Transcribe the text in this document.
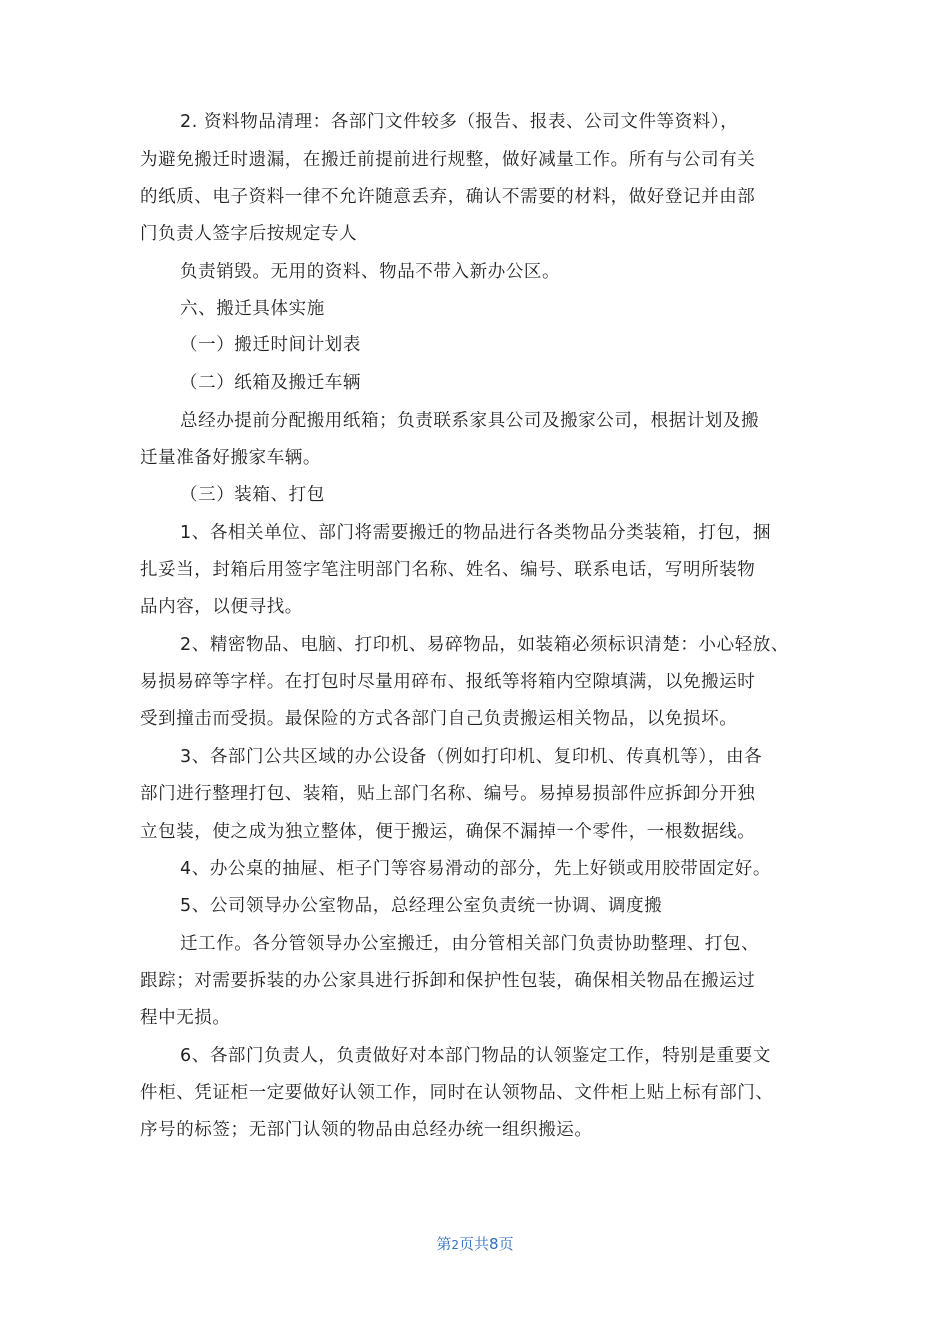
2. 资料物品清理：各部门文件较多（报告、报表、公司文件等资料），
为避免搬迁时遗漏，在搬迁前提前进行规整，做好减量工作。所有与公司有关
的纸质、电子资料一律不允许随意丢弃，确认不需要的材料，做好登记并由部
门负责人签字后按规定专人
负责销毁。无用的资料、物品不带入新办公区。
六、搬迁具体实施
（一）搬迁时间计划表
（二）纸箱及搬迁车辆
总经办提前分配搬用纸箱；负责联系家具公司及搬家公司，根据计划及搬
迁量准备好搬家车辆。
（三）装箱、打包
1、各相关单位、部门将需要搬迁的物品进行各类物品分类装箱，打包，捆
扎妥当，封箱后用签字笔注明部门名称、姓名、编号、联系电话，写明所装物
品内容，以便寻找。
2、精密物品、电脑、打印机、易碎物品，如装箱必须标识清楚：小心轻放、
易损易碎等字样。在打包时尽量用碎布、报纸等将箱内空隙填满，以免搬运时
受到撞击而受损。最保险的方式各部门自己负责搬运相关物品，以免损坏。
3、各部门公共区域的办公设备（例如打印机、复印机、传真机等），由各
部门进行整理打包、装箱，贴上部门名称、编号。易掉易损部件应拆卸分开独
立包装，使之成为独立整体，便于搬运，确保不漏掉一个零件，一根数据线。
4、办公桌的抽屉、柜子门等容易滑动的部分，先上好锁或用胶带固定好。
5、公司领导办公室物品，总经理公室负责统一协调、调度搬
迁工作。各分管领导办公室搬迁，由分管相关部门负责协助整理、打包、
跟踪；对需要拆装的办公家具进行拆卸和保护性包装，确保相关物品在搬运过
程中无损。
6、各部门负责人，负责做好对本部门物品的认领鉴定工作，特别是重要文
件柜、凭证柜一定要做好认领工作，同时在认领物品、文件柜上贴上标有部门、
序号的标签；无部门认领的物品由总经办统一组织搬运。
第2页共8页
